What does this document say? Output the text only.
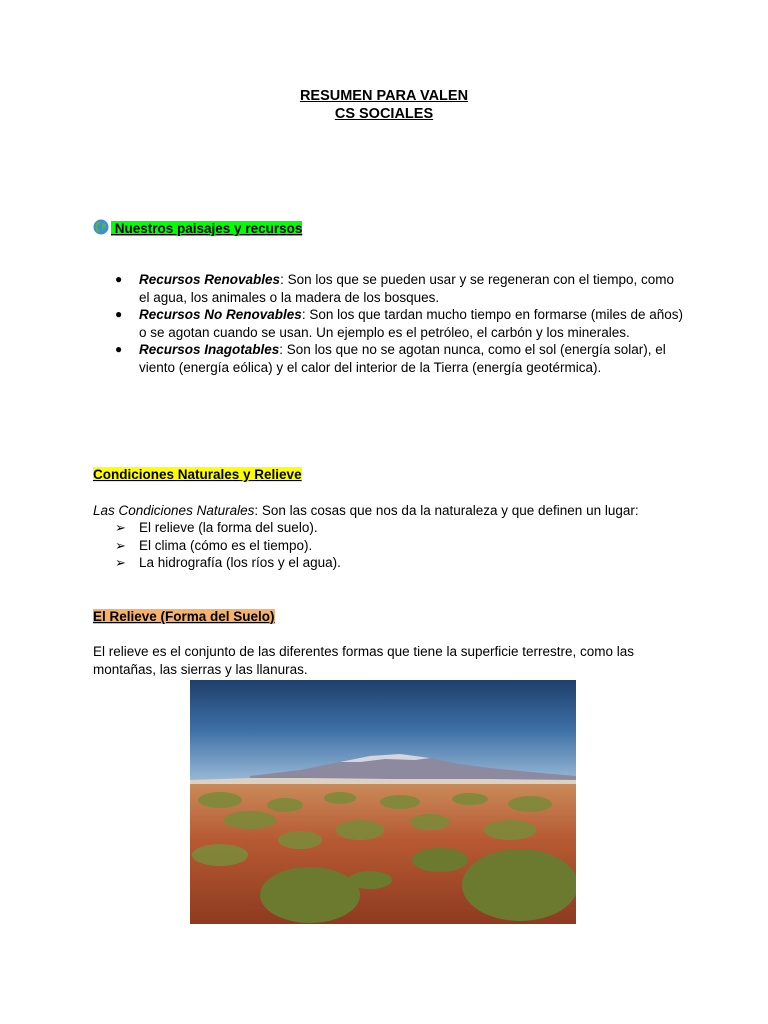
RESUMEN PARA VALEN
CS SOCIALES
Nuestros paisajes y recursos
● Recursos Renovables: Son los que se pueden usar y se regeneran con el tiempo, como el agua, los animales o la madera de los bosques.
● Recursos No Renovables: Son los que tardan mucho tiempo en formarse (miles de años) o se agotan cuando se usan. Un ejemplo es el petróleo, el carbón y los minerales.
● Recursos Inagotables: Son los que no se agotan nunca, como el sol (energía solar), el viento (energía eólica) y el calor del interior de la Tierra (energía geotérmica).
Condiciones Naturales y Relieve

Las Condiciones Naturales: Son las cosas que nos da la naturaleza y que definen un lugar:

➢ El relieve (la forma del suelo).
➢ El clima (cómo es el tiempo).
➢ La hidrografía (los ríos y el agua).
El Relieve (Forma del Suelo)

El relieve es el conjunto de las diferentes formas que tiene la superficie terrestre, como las montañas, las sierras y las llanuras.
